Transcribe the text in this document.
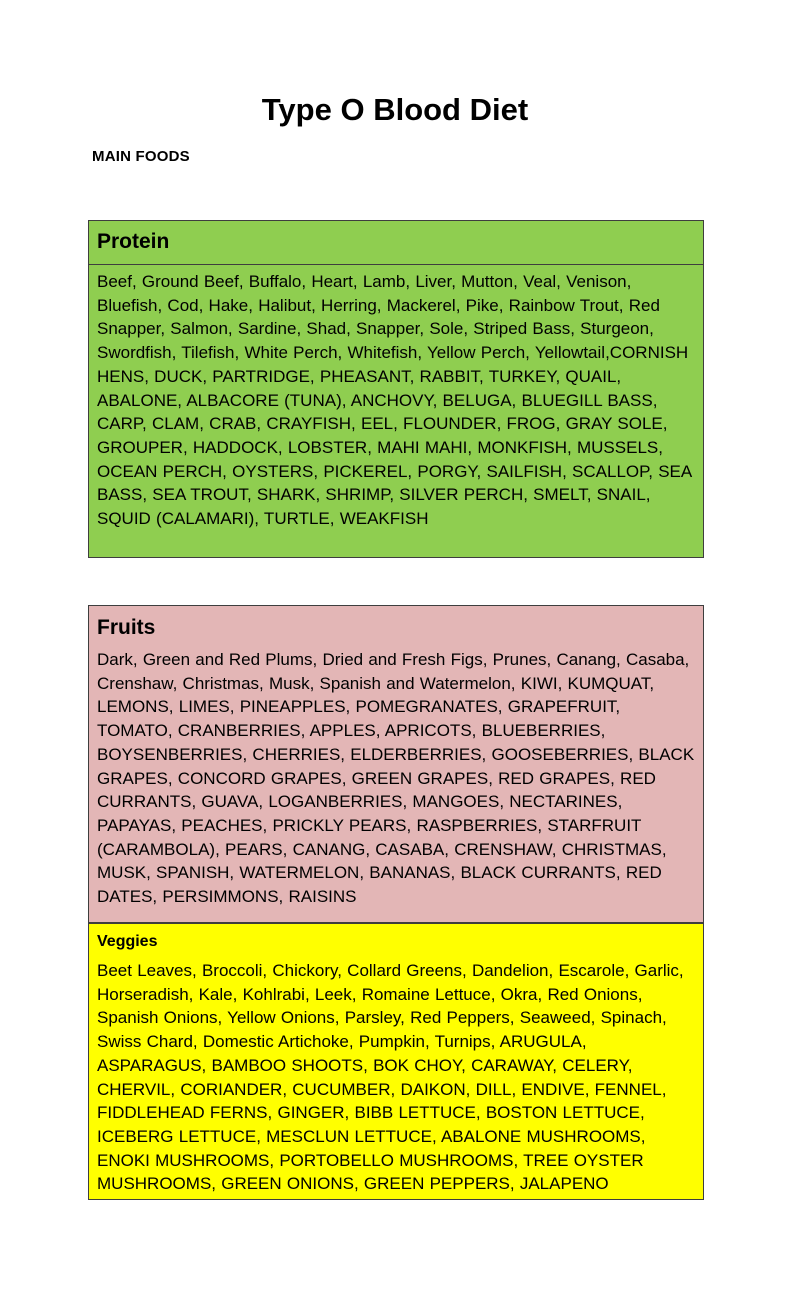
Type O Blood Diet
MAIN FOODS
Protein
Beef, Ground Beef, Buffalo, Heart, Lamb, Liver, Mutton, Veal, Venison, Bluefish, Cod, Hake, Halibut, Herring, Mackerel, Pike, Rainbow Trout, Red Snapper, Salmon, Sardine, Shad, Snapper, Sole, Striped Bass, Sturgeon, Swordfish, Tilefish, White Perch, Whitefish, Yellow Perch, Yellowtail,CORNISH HENS, DUCK, PARTRIDGE, PHEASANT, RABBIT, TURKEY, QUAIL, ABALONE, ALBACORE (TUNA), ANCHOVY, BELUGA, BLUEGILL BASS, CARP, CLAM, CRAB, CRAYFISH, EEL, FLOUNDER, FROG, GRAY SOLE, GROUPER, HADDOCK, LOBSTER, MAHI MAHI, MONKFISH, MUSSELS, OCEAN PERCH, OYSTERS, PICKEREL, PORGY, SAILFISH, SCALLOP, SEA BASS, SEA TROUT, SHARK, SHRIMP, SILVER PERCH, SMELT, SNAIL, SQUID (CALAMARI), TURTLE, WEAKFISH
Fruits
Dark, Green and Red Plums, Dried and Fresh Figs, Prunes, Canang, Casaba, Crenshaw, Christmas, Musk, Spanish and Watermelon, KIWI, KUMQUAT, LEMONS, LIMES, PINEAPPLES, POMEGRANATES, GRAPEFRUIT, TOMATO, CRANBERRIES, APPLES, APRICOTS, BLUEBERRIES, BOYSENBERRIES, CHERRIES, ELDERBERRIES, GOOSEBERRIES, BLACK GRAPES, CONCORD GRAPES, GREEN GRAPES, RED GRAPES, RED CURRANTS, GUAVA, LOGANBERRIES, MANGOES, NECTARINES, PAPAYAS, PEACHES, PRICKLY PEARS, RASPBERRIES, STARFRUIT (CARAMBOLA), PEARS, CANANG, CASABA, CRENSHAW, CHRISTMAS, MUSK, SPANISH, WATERMELON, BANANAS, BLACK CURRANTS, RED DATES, PERSIMMONS, RAISINS
Veggies
Beet Leaves, Broccoli, Chickory, Collard Greens, Dandelion, Escarole, Garlic, Horseradish, Kale, Kohlrabi, Leek, Romaine Lettuce, Okra, Red Onions, Spanish Onions, Yellow Onions, Parsley, Red Peppers, Seaweed, Spinach, Swiss Chard, Domestic Artichoke, Pumpkin, Turnips, ARUGULA, ASPARAGUS, BAMBOO SHOOTS, BOK CHOY, CARAWAY, CELERY, CHERVIL, CORIANDER, CUCUMBER, DAIKON, DILL, ENDIVE, FENNEL, FIDDLEHEAD FERNS, GINGER, BIBB LETTUCE, BOSTON LETTUCE, ICEBERG LETTUCE, MESCLUN LETTUCE, ABALONE MUSHROOMS, ENOKI MUSHROOMS, PORTOBELLO MUSHROOMS, TREE OYSTER MUSHROOMS, GREEN ONIONS, GREEN PEPPERS, JALAPENO
